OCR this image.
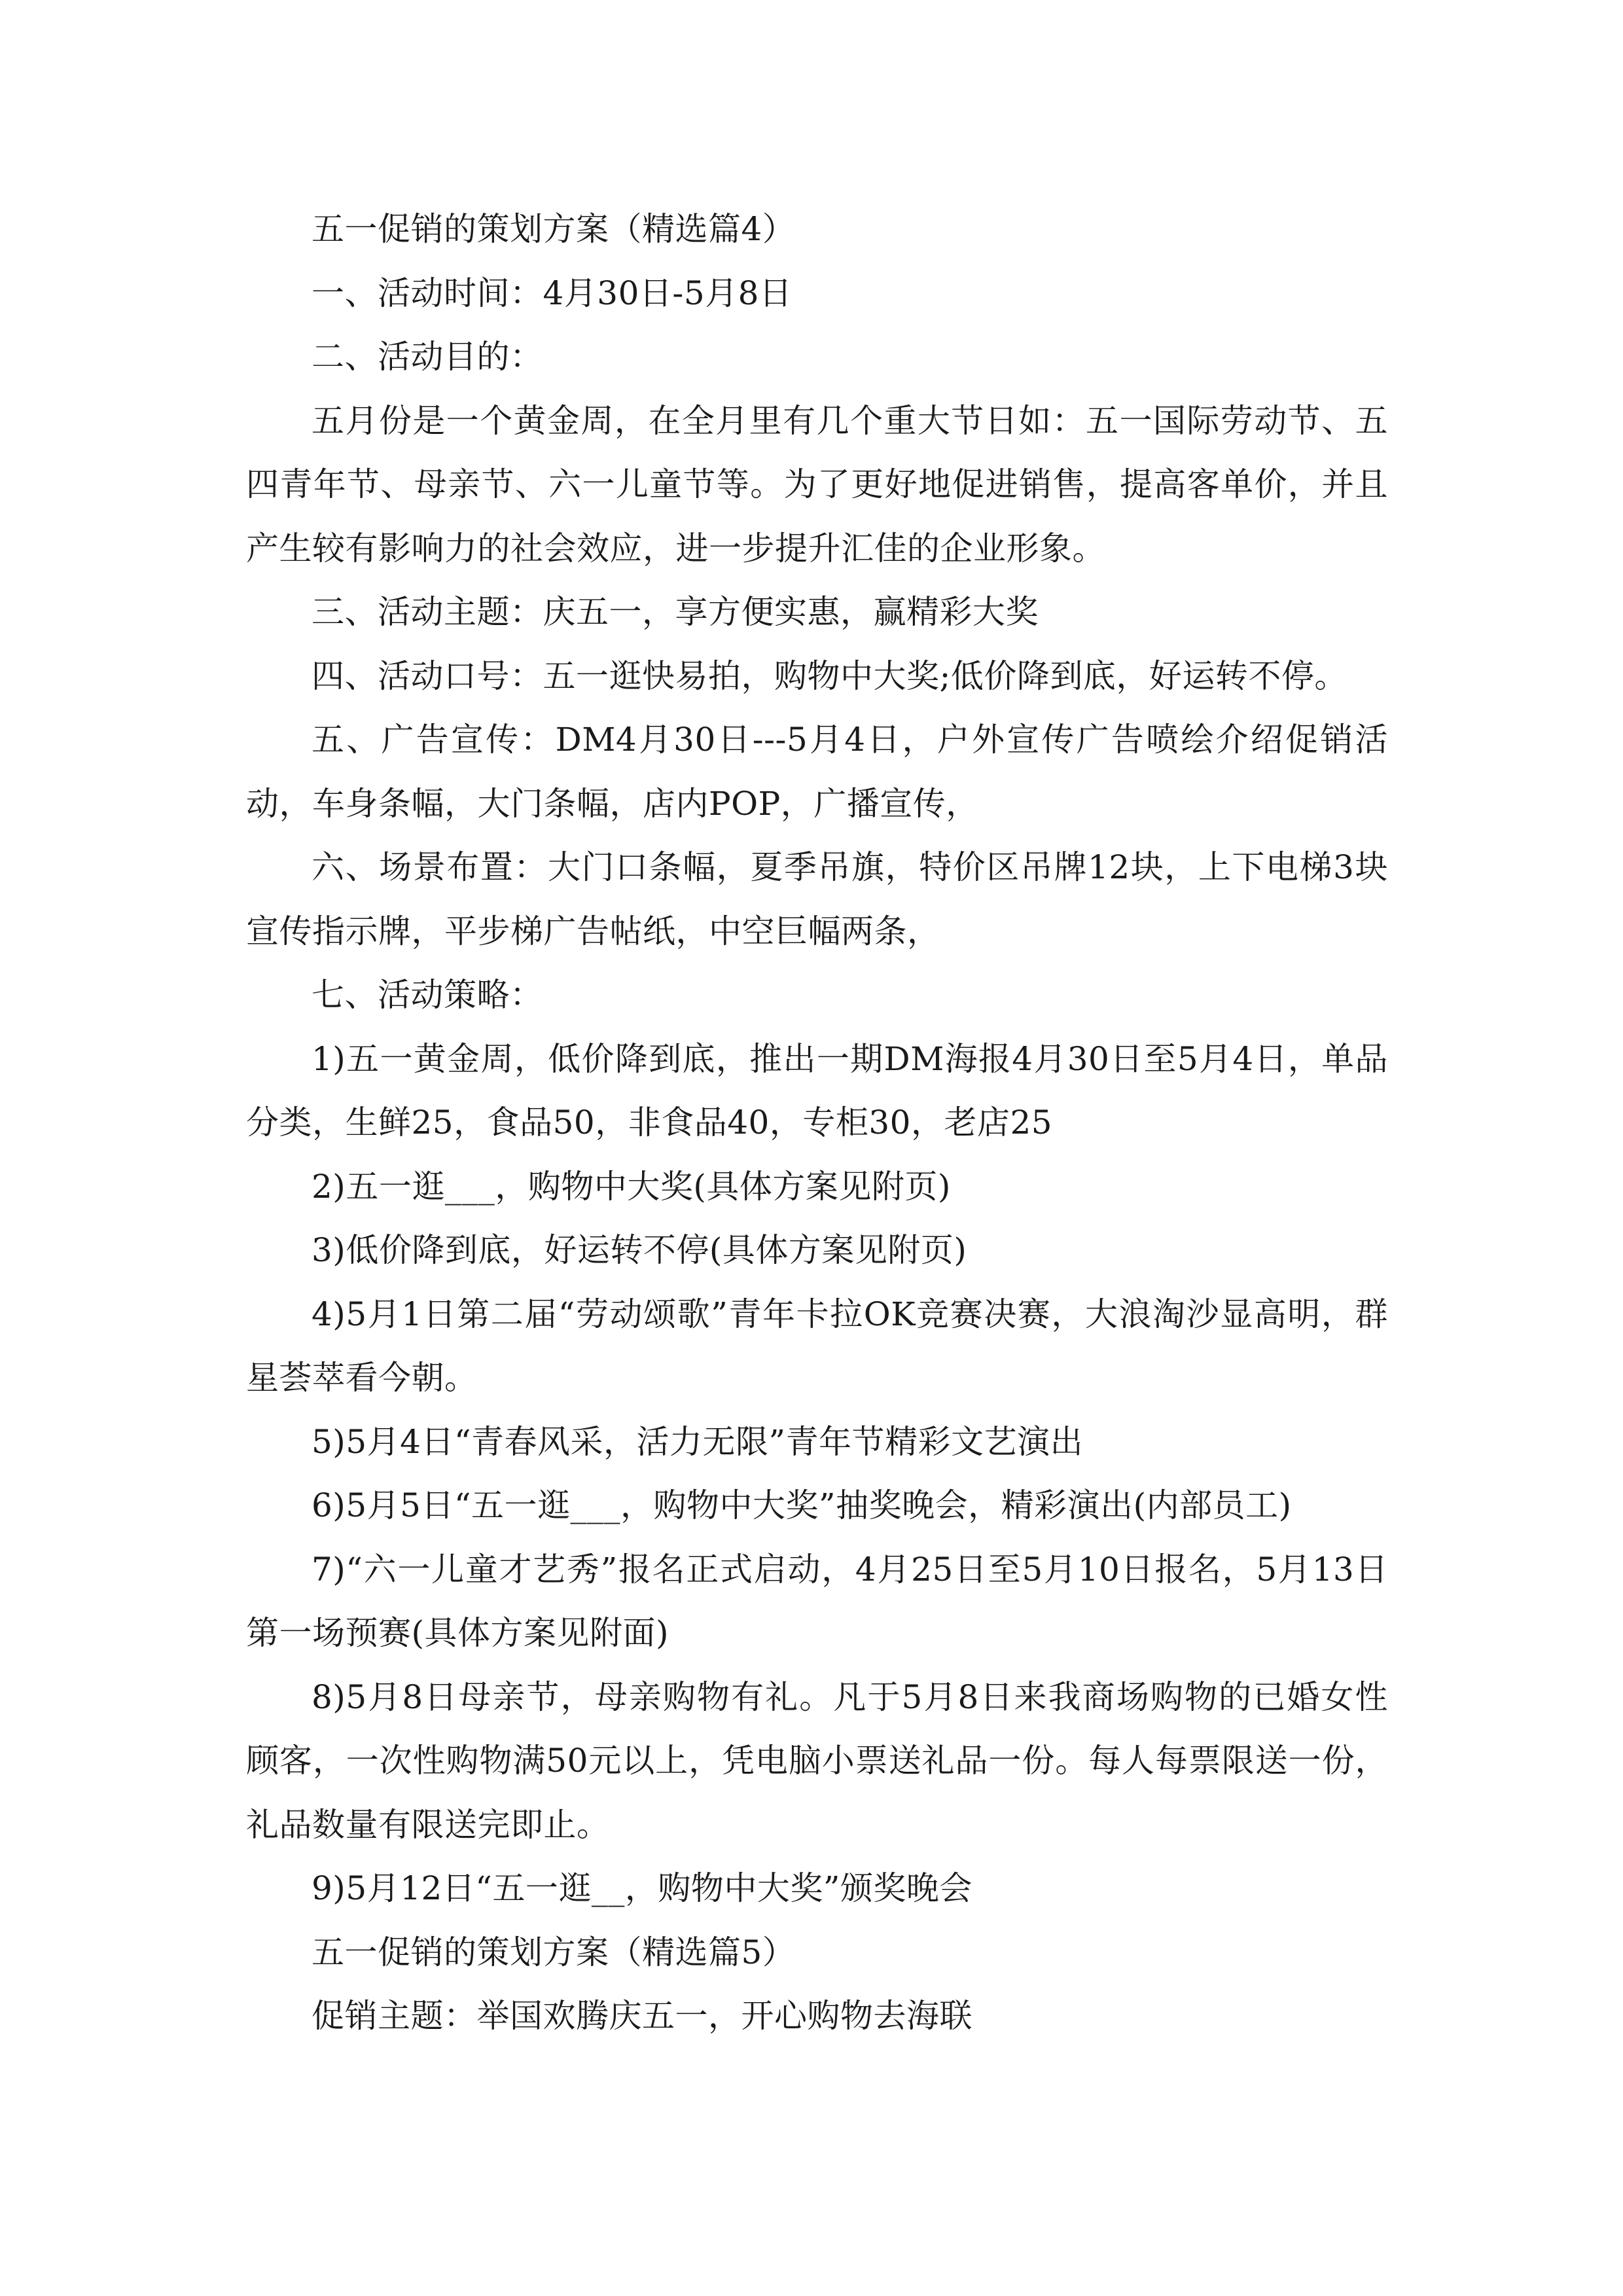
五一促销的策划方案（精选篇4）

一、活动时间：4月30日-5月8日

二、活动目的：

五月份是一个黄金周，在全月里有几个重大节日如：五一国际劳动节、五四青年节、母亲节、六一儿童节等。为了更好地促进销售，提高客单价，并且产生较有影响力的社会效应，进一步提升汇佳的企业形象。

三、活动主题：庆五一，享方便实惠，赢精彩大奖

四、活动口号：五一逛快易拍，购物中大奖;低价降到底，好运转不停。

五、广告宣传：DM4月30日---5月4日，户外宣传广告喷绘介绍促销活动，车身条幅，大门条幅，店内POP，广播宣传，

六、场景布置：大门口条幅，夏季吊旗，特价区吊牌12块，上下电梯3块宣传指示牌，平步梯广告帖纸，中空巨幅两条，

七、活动策略：

1)五一黄金周，低价降到底，推出一期DM海报4月30日至5月4日，单品分类，生鲜25，食品50，非食品40，专柜30，老店25

2)五一逛___，购物中大奖(具体方案见附页)

3)低价降到底，好运转不停(具体方案见附页)

4)5月1日第二届“劳动颂歌”青年卡拉OK竞赛决赛，大浪淘沙显高明，群星荟萃看今朝。

5)5月4日“青春风采，活力无限”青年节精彩文艺演出

6)5月5日“五一逛___，购物中大奖”抽奖晚会，精彩演出(内部员工)

7)“六一儿童才艺秀”报名正式启动，4月25日至5月10日报名，5月13日第一场预赛(具体方案见附面)

8)5月8日母亲节，母亲购物有礼。凡于5月8日来我商场购物的已婚女性顾客，一次性购物满50元以上，凭电脑小票送礼品一份。每人每票限送一份，礼品数量有限送完即止。

9)5月12日“五一逛__，购物中大奖”颁奖晚会

五一促销的策划方案（精选篇5）

促销主题：举国欢腾庆五一，开心购物去海联
